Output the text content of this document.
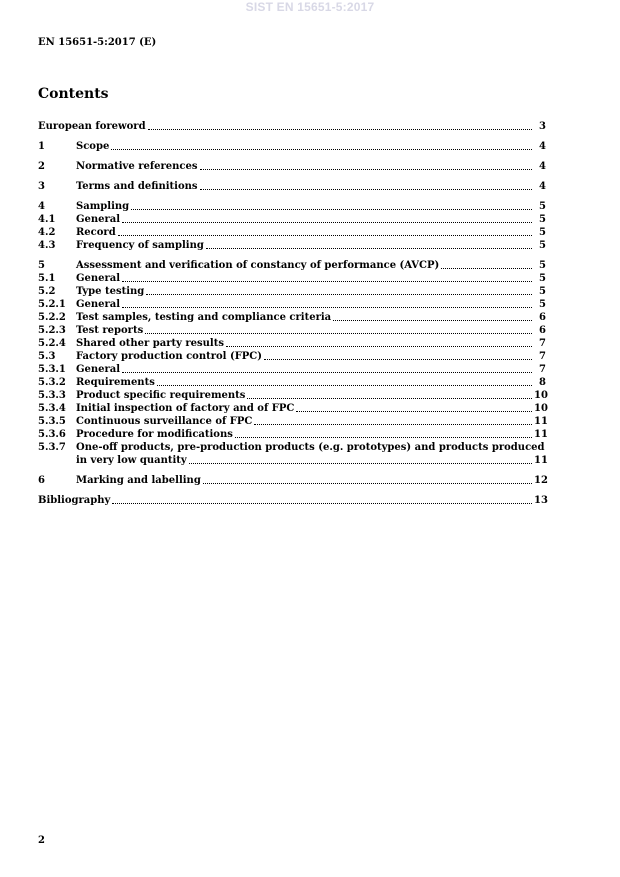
SIST EN 15651-5:2017
EN 15651-5:2017 (E)
Contents
European foreword	3
1	Scope	4
2	Normative references	4
3	Terms and definitions	4
4	Sampling	5
4.1	General	5
4.2	Record	5
4.3	Frequency of sampling	5
5	Assessment and verification of constancy of performance (AVCP)	5
5.1	General	5
5.2	Type testing	5
5.2.1	General	5
5.2.2	Test samples, testing and compliance criteria	6
5.2.3	Test reports	6
5.2.4	Shared other party results	7
5.3	Factory production control (FPC)	7
5.3.1	General	7
5.3.2	Requirements	8
5.3.3	Product specific requirements	10
5.3.4	Initial inspection of factory and of FPC	10
5.3.5	Continuous surveillance of FPC	11
5.3.6	Procedure for modifications	11
5.3.7	One-off products, pre-production products (e.g. prototypes) and products produced
in very low quantity	11
6	Marking and labelling	12
Bibliography	13
2
